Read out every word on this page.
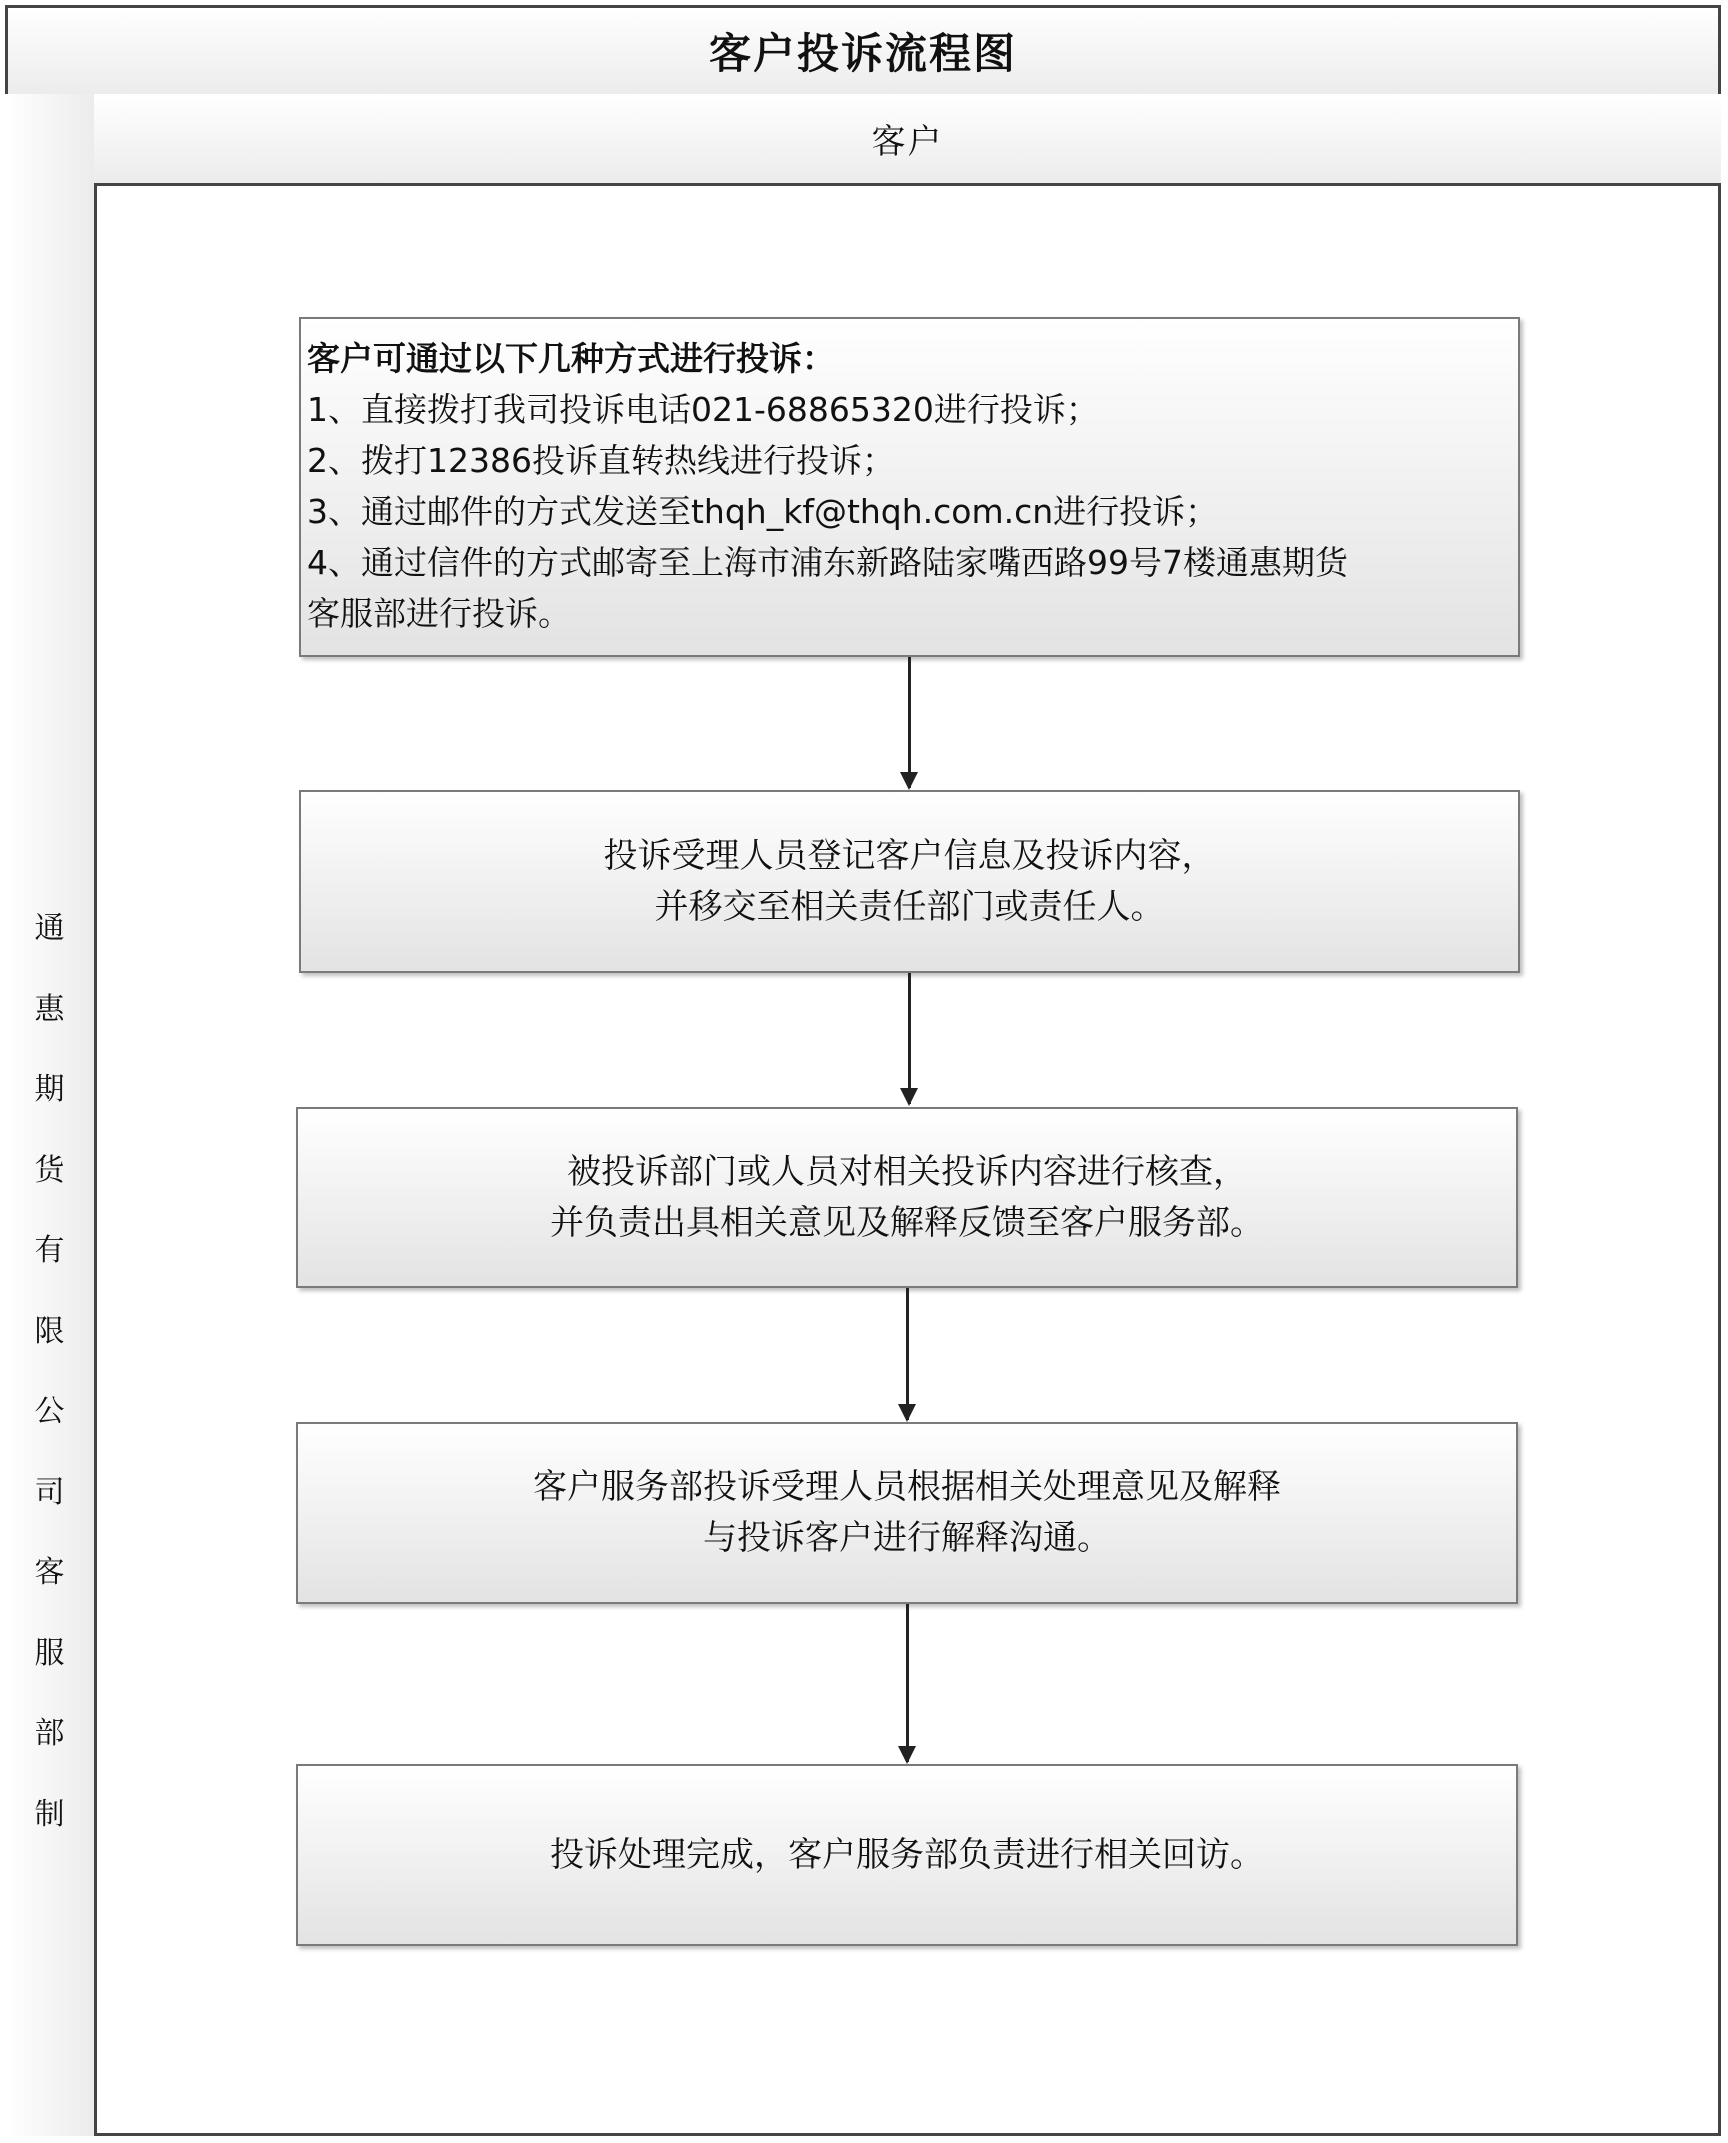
客户投诉流程图
通
惠
期
货
有
限
公
司
客
服
部
制
客户
客户可通过以下几种方式进行投诉：
1、直接拨打我司投诉电话021-68865320进行投诉；
2、拨打12386投诉直转热线进行投诉；
3、通过邮件的方式发送至thqh_kf@thqh.com.cn进行投诉；
4、通过信件的方式邮寄至上海市浦东新路陆家嘴西路99号7楼通惠期货
客服部进行投诉。
投诉受理人员登记客户信息及投诉内容，
并移交至相关责任部门或责任人。
被投诉部门或人员对相关投诉内容进行核查，
并负责出具相关意见及解释反馈至客户服务部。
客户服务部投诉受理人员根据相关处理意见及解释
与投诉客户进行解释沟通。
投诉处理完成，客户服务部负责进行相关回访。
